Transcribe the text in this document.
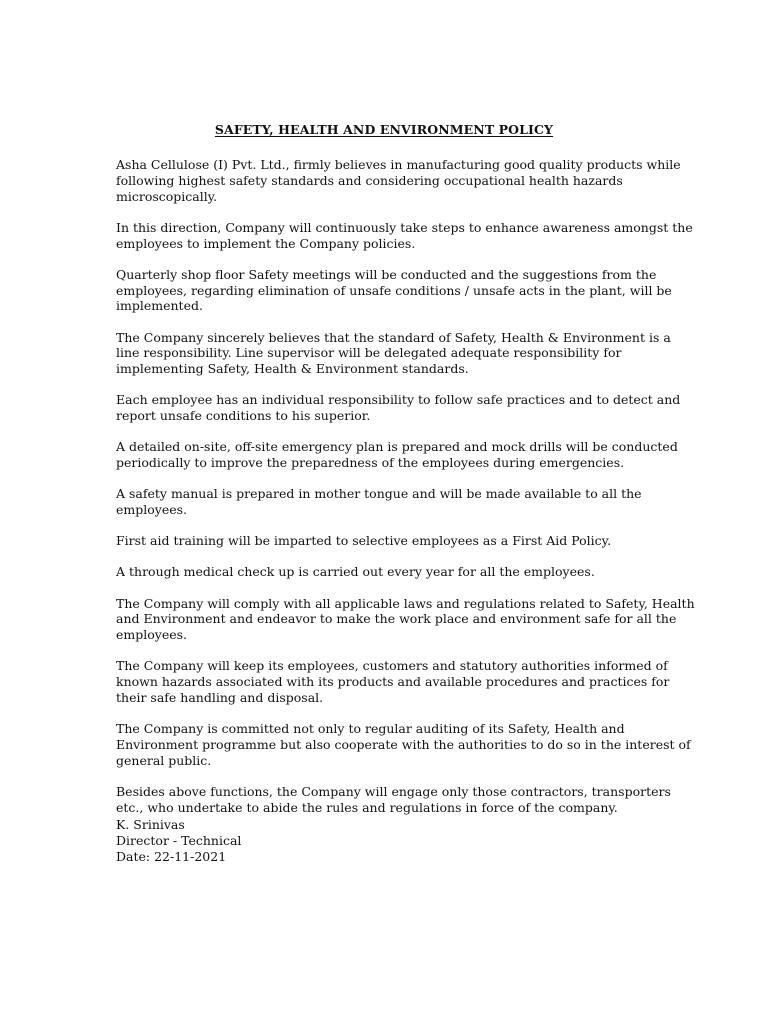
SAFETY, HEALTH AND ENVIRONMENT POLICY

Asha Cellulose (I) Pvt. Ltd., firmly believes in manufacturing good quality products while following highest safety standards and considering occupational health hazards microscopically.

In this direction, Company will continuously take steps to enhance awareness amongst the employees to implement the Company policies.

Quarterly shop floor Safety meetings will be conducted and the suggestions from the employees, regarding elimination of unsafe conditions / unsafe acts in the plant, will be implemented.

The Company sincerely believes that the standard of Safety, Health & Environment is a line responsibility. Line supervisor will be delegated adequate responsibility for implementing Safety, Health & Environment standards.

Each employee has an individual responsibility to follow safe practices and to detect and report unsafe conditions to his superior.

A detailed on-site, off-site emergency plan is prepared and mock drills will be conducted periodically to improve the preparedness of the employees during emergencies.

A safety manual is prepared in mother tongue and will be made available to all the employees.

First aid training will be imparted to selective employees as a First Aid Policy.

A through medical check up is carried out every year for all the employees.

The Company will comply with all applicable laws and regulations related to Safety, Health and Environment and endeavor to make the work place and environment safe for all the employees.

The Company will keep its employees, customers and statutory authorities informed of known hazards associated with its products and available procedures and practices for their safe handling and disposal.

The Company is committed not only to regular auditing of its Safety, Health and Environment programme but also cooperate with the authorities to do so in the interest of general public.

Besides above functions, the Company will engage only those contractors, transporters etc., who undertake to abide the rules and regulations in force of the company.

K. Srinivas
Director - Technical
Date: 22-11-2021
